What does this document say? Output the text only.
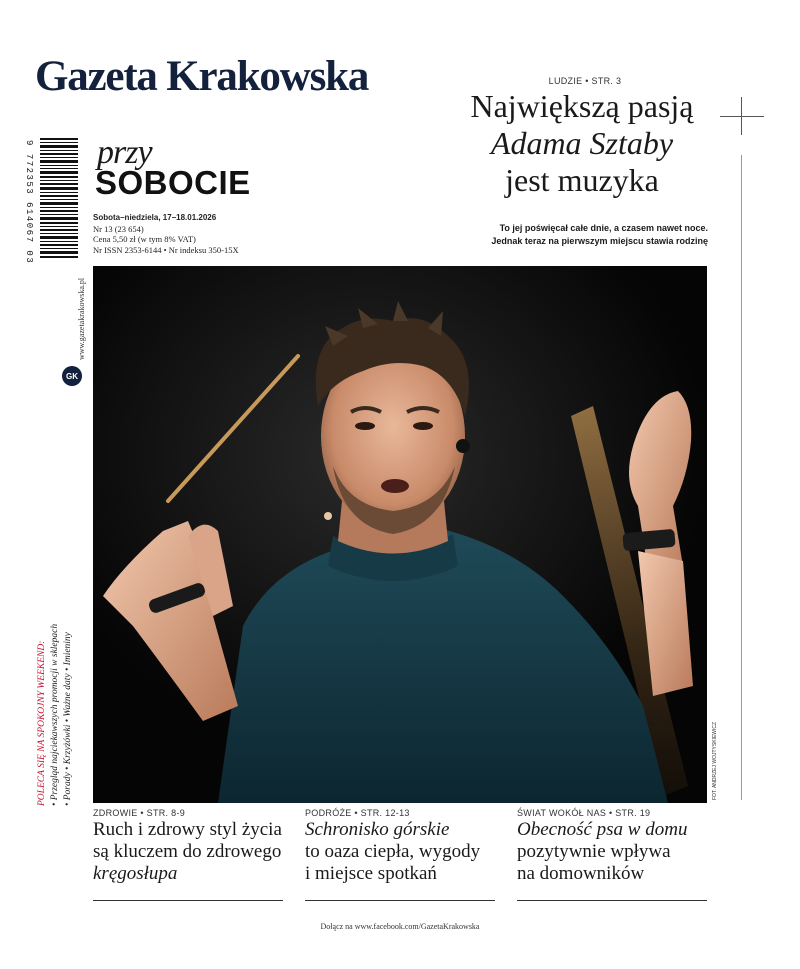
Gazeta Krakowska	LUDZIE • STR. 3
Największą pasją
Adama Sztaby
jest muzyka
To jej poświęcał całe dnie, a czasem nawet noce.
Jednak teraz na pierwszym miejscu stawia rodzinę
9 772353 614067 03
www.gazetakrakowska.pl
GK
przy
SOBOCIE
Sobota–niedziela, 17–18.01.2026
Nr 13 (23 654)
Cena 5,50 zł (w tym 8% VAT)
Nr ISSN 2353-6144 • Nr indeksu 350-15X
FOT. ANDRZEJ WOJTYSKIEWICZ
POLECA SIĘ NA SPOKOJNY WEEKEND: • Przegląd najciekawszych promocji w sklepach • Porady • Krzyżówki • Ważne daty • Imieniny
ZDROWIE • STR. 8-9
Ruch i zdrowy styl życia
są kluczem do zdrowego
kręgosłupa
PODRÓŻE • STR. 12-13
Schronisko górskie
to oaza ciepła, wygody
i miejsce spotkań
ŚWIAT WOKÓŁ NAS • STR. 19
Obecność psa w domu
pozytywnie wpływa
na domowników
Dołącz na www.facebook.com/GazetaKrakowska
